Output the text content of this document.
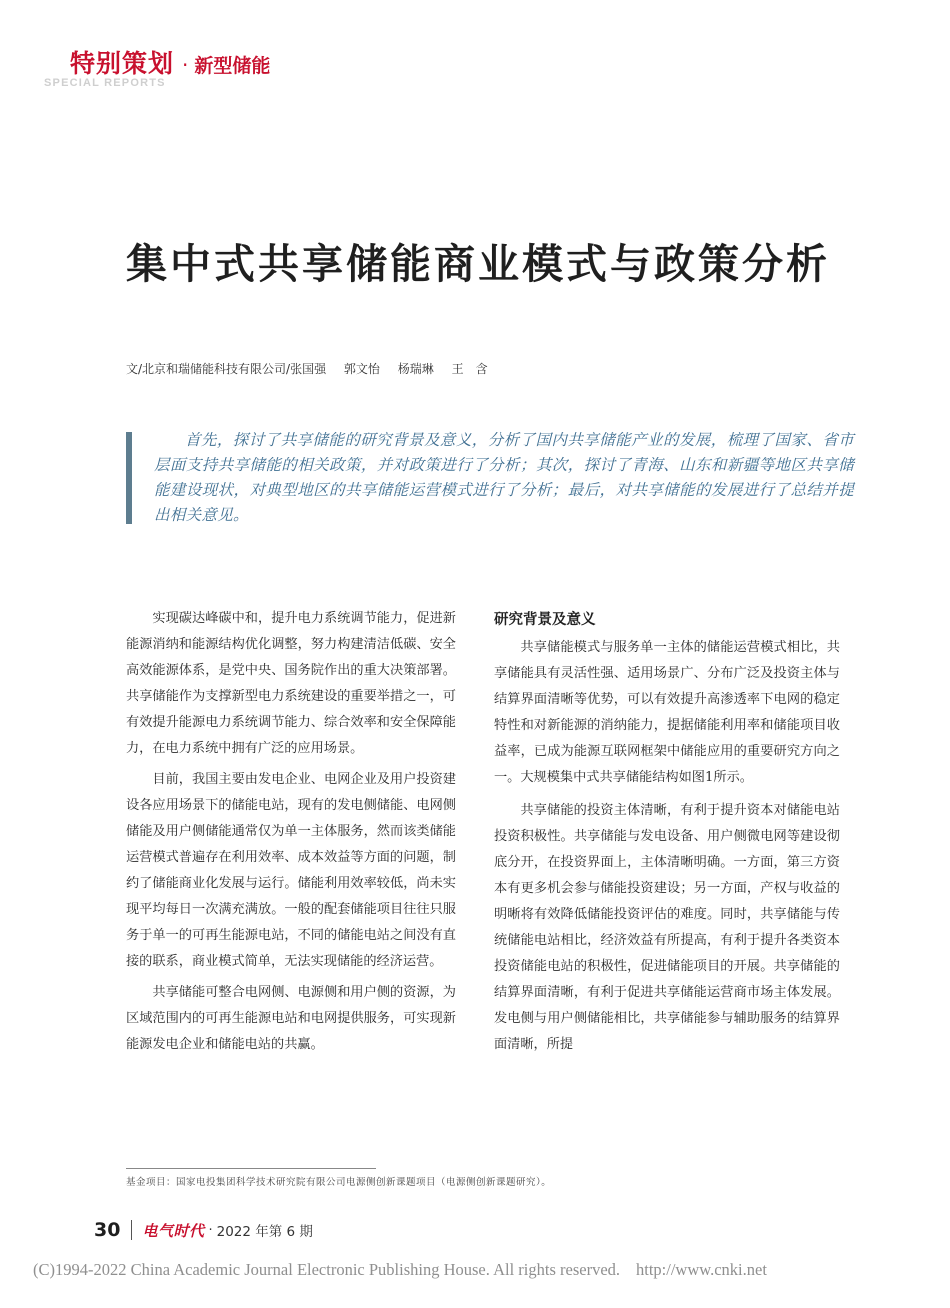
特别策划 · 新型储能
SPECIAL REPORTS
集中式共享储能商业模式与政策分析
文/北京和瑞储能科技有限公司/张国强 郭文怡 杨瑞琳 王　含

首先，探讨了共享储能的研究背景及意义，分析了国内共享储能产业的发展，梳理了国家、省市层面支持共享储能的相关政策，并对政策进行了分析；其次，探讨了青海、山东和新疆等地区共享储能建设现状，对典型地区的共享储能运营模式进行了分析；最后，对共享储能的发展进行了总结并提出相关意见。

实现碳达峰碳中和，提升电力系统调节能力，促进新能源消纳和能源结构优化调整，努力构建清洁低碳、安全高效能源体系，是党中央、国务院作出的重大决策部署。共享储能作为支撑新型电力系统建设的重要举措之一，可有效提升能源电力系统调节能力、综合效率和安全保障能力，在电力系统中拥有广泛的应用场景。

目前，我国主要由发电企业、电网企业及用户投资建设各应用场景下的储能电站，现有的发电侧储能、电网侧储能及用户侧储能通常仅为单一主体服务，然而该类储能运营模式普遍存在利用效率、成本效益等方面的问题，制约了储能商业化发展与运行。储能利用效率较低，尚未实现平均每日一次满充满放。一般的配套储能项目往往只服务于单一的可再生能源电站，不同的储能电站之间没有直接的联系，商业模式简单，无法实现储能的经济运营。

共享储能可整合电网侧、电源侧和用户侧的资源，为区域范围内的可再生能源电站和电网提供服务，可实现新能源发电企业和储能电站的共赢。

研究背景及意义

共享储能模式与服务单一主体的储能运营模式相比，共享储能具有灵活性强、适用场景广、分布广泛及投资主体与结算界面清晰等优势，可以有效提升高渗透率下电网的稳定特性和对新能源的消纳能力，提据储能利用率和储能项目收益率，已成为能源互联网框架中储能应用的重要研究方向之一。大规模集中式共享储能结构如图1所示。

共享储能的投资主体清晰，有利于提升资本对储能电站投资积极性。共享储能与发电设备、用户侧微电网等建设彻底分开，在投资界面上，主体清晰明确。一方面，第三方资本有更多机会参与储能投资建设；另一方面，产权与收益的明晰将有效降低储能投资评估的难度。同时，共享储能与传统储能电站相比，经济效益有所提高，有利于提升各类资本投资储能电站的积极性，促进储能项目的开展。共享储能的结算界面清晰，有利于促进共享储能运营商市场主体发展。发电侧与用户侧储能相比，共享储能参与辅助服务的结算界面清晰，所提

基金项目：国家电投集团科学技术研究院有限公司电源侧创新课题项目（电源侧创新课题研究）。
30 电气时代 · 2022 年第 6 期
(C)1994-2022 China Academic Journal Electronic Publishing House. All rights reserved. http://www.cnki.net
